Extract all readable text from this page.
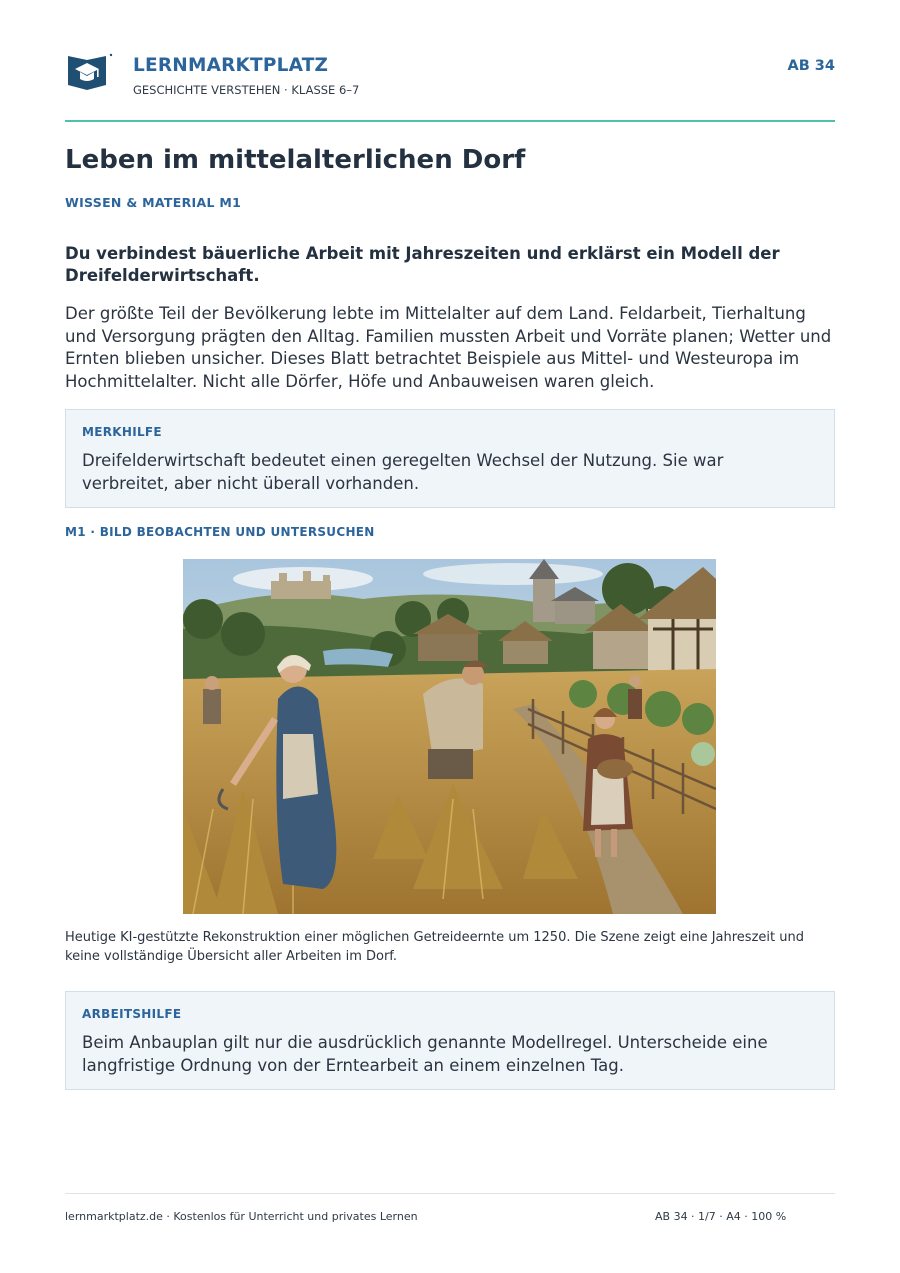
LERNMARKTPLATZ
GESCHICHTE VERSTEHEN · KLASSE 6–7
AB 34
Leben im mittelalterlichen Dorf
WISSEN & MATERIAL M1

Du verbindest bäuerliche Arbeit mit Jahreszeiten und erklärst ein Modell der Dreifelderwirtschaft.

Der größte Teil der Bevölkerung lebte im Mittelalter auf dem Land. Feldarbeit, Tierhaltung und Versorgung prägten den Alltag. Familien mussten Arbeit und Vorräte planen; Wetter und Ernten blieben unsicher. Dieses Blatt betrachtet Beispiele aus Mittel- und Westeuropa im Hochmittelalter. Nicht alle Dörfer, Höfe und Anbauweisen waren gleich.

MERKHILFE

Dreifelderwirtschaft bedeutet einen geregelten Wechsel der Nutzung. Sie war verbreitet, aber nicht überall vorhanden.

M1 · BILD BEOBACHTEN UND UNTERSUCHEN

Heutige KI-gestützte Rekonstruktion einer möglichen Getreideernte um 1250. Die Szene zeigt eine Jahreszeit und keine vollständige Übersicht aller Arbeiten im Dorf.

ARBEITSHILFE

Beim Anbauplan gilt nur die ausdrücklich genannte Modellregel. Unterscheide eine langfristige Ordnung von der Erntearbeit an einem einzelnen Tag.

lernmarktplatz.de · Kostenlos für Unterricht und privates Lernen	AB 34 · 1/7 · A4 · 100 %
